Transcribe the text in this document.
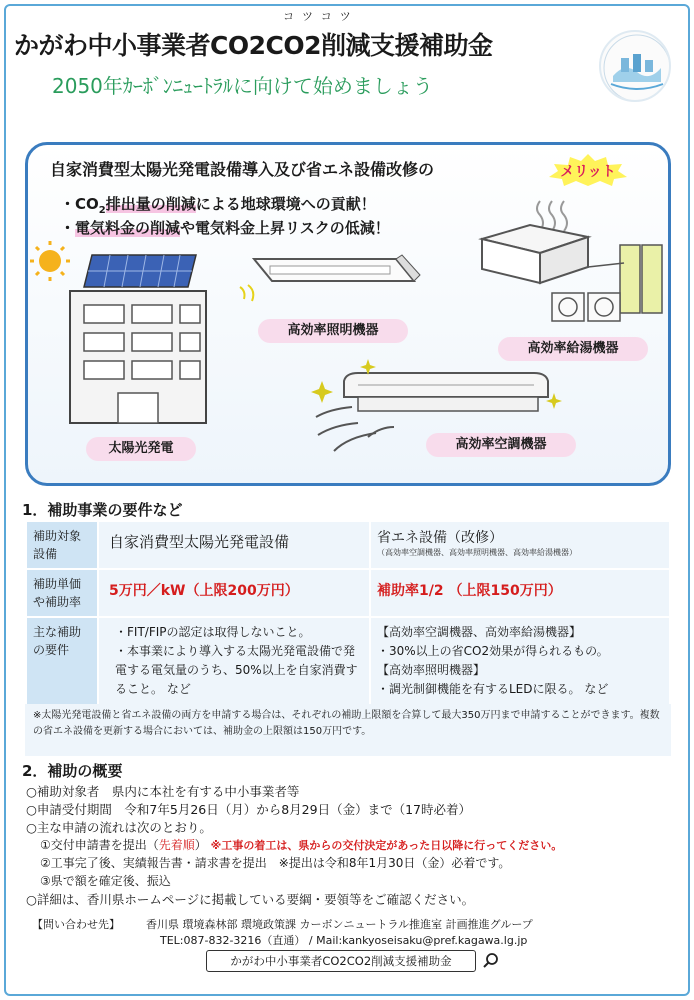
コツコツ
かがわ中小事業者CO2CO2削減支援補助金
2050年ｶｰﾎﾞﾝﾆｭｰﾄﾗﾙに向けて始めましょう
自家消費型太陽光発電設備導入及び省エネ設備改修の	メリット
・$CO_2$排出量の削減による地球環境への貢献！
・電気料金の削減や電気料金上昇リスクの低減！
太陽光発電
高効率照明機器
高効率給湯機器
高効率空調機器
1．補助事業の要件など
補助対象設備	自家消費型太陽光発電設備	省エネ設備（改修）
（高効率空調機器、高効率照明機器、高効率給湯機器）

補助単価や補助率	5万円／kW（上限200万円）	補助率1/2 （上限150万円）
主な補助の要件	・FIT/FIPの認定は取得しないこと。
・本事業により導入する太陽光発電設備で発電する電気量のうち、50%以上を自家消費すること。 など	【高効率空調機器、高効率給湯機器】
・30%以上の省CO2効果が得られるもの。
【高効率照明機器】
・調光制御機能を有するLEDに限る。 など
※太陽光発電設備と省エネ設備の両方を申請する場合は、それぞれの補助上限額を合算して最大350万円まで申請することができます。複数の省エネ設備を更新する場合においては、補助金の上限額は150万円です。
2．補助の概要
○補助対象者　県内に本社を有する中小事業者等
○申請受付期間　令和7年5月26日（月）から8月29日（金）まで（17時必着）
○主な申請の流れは次のとおり。
①交付申請書を提出（先着順） ※工事の着工は、県からの交付決定があった日以降に行ってください。
②工事完了後、実績報告書・請求書を提出　※提出は令和8年1月30日（金）必着です。
③県で額を確定後、振込
○詳細は、香川県ホームページに掲載している要綱・要領等をご確認ください。
【問い合わせ先】 香川県 環境森林部 環境政策課 カーボンニュートラル推進室 計画推進グループ
TEL:087-832-3216（直通） / Mail:kankyoseisaku@pref.kagawa.lg.jp
かがわ中小事業者CO2CO2削減支援補助金
